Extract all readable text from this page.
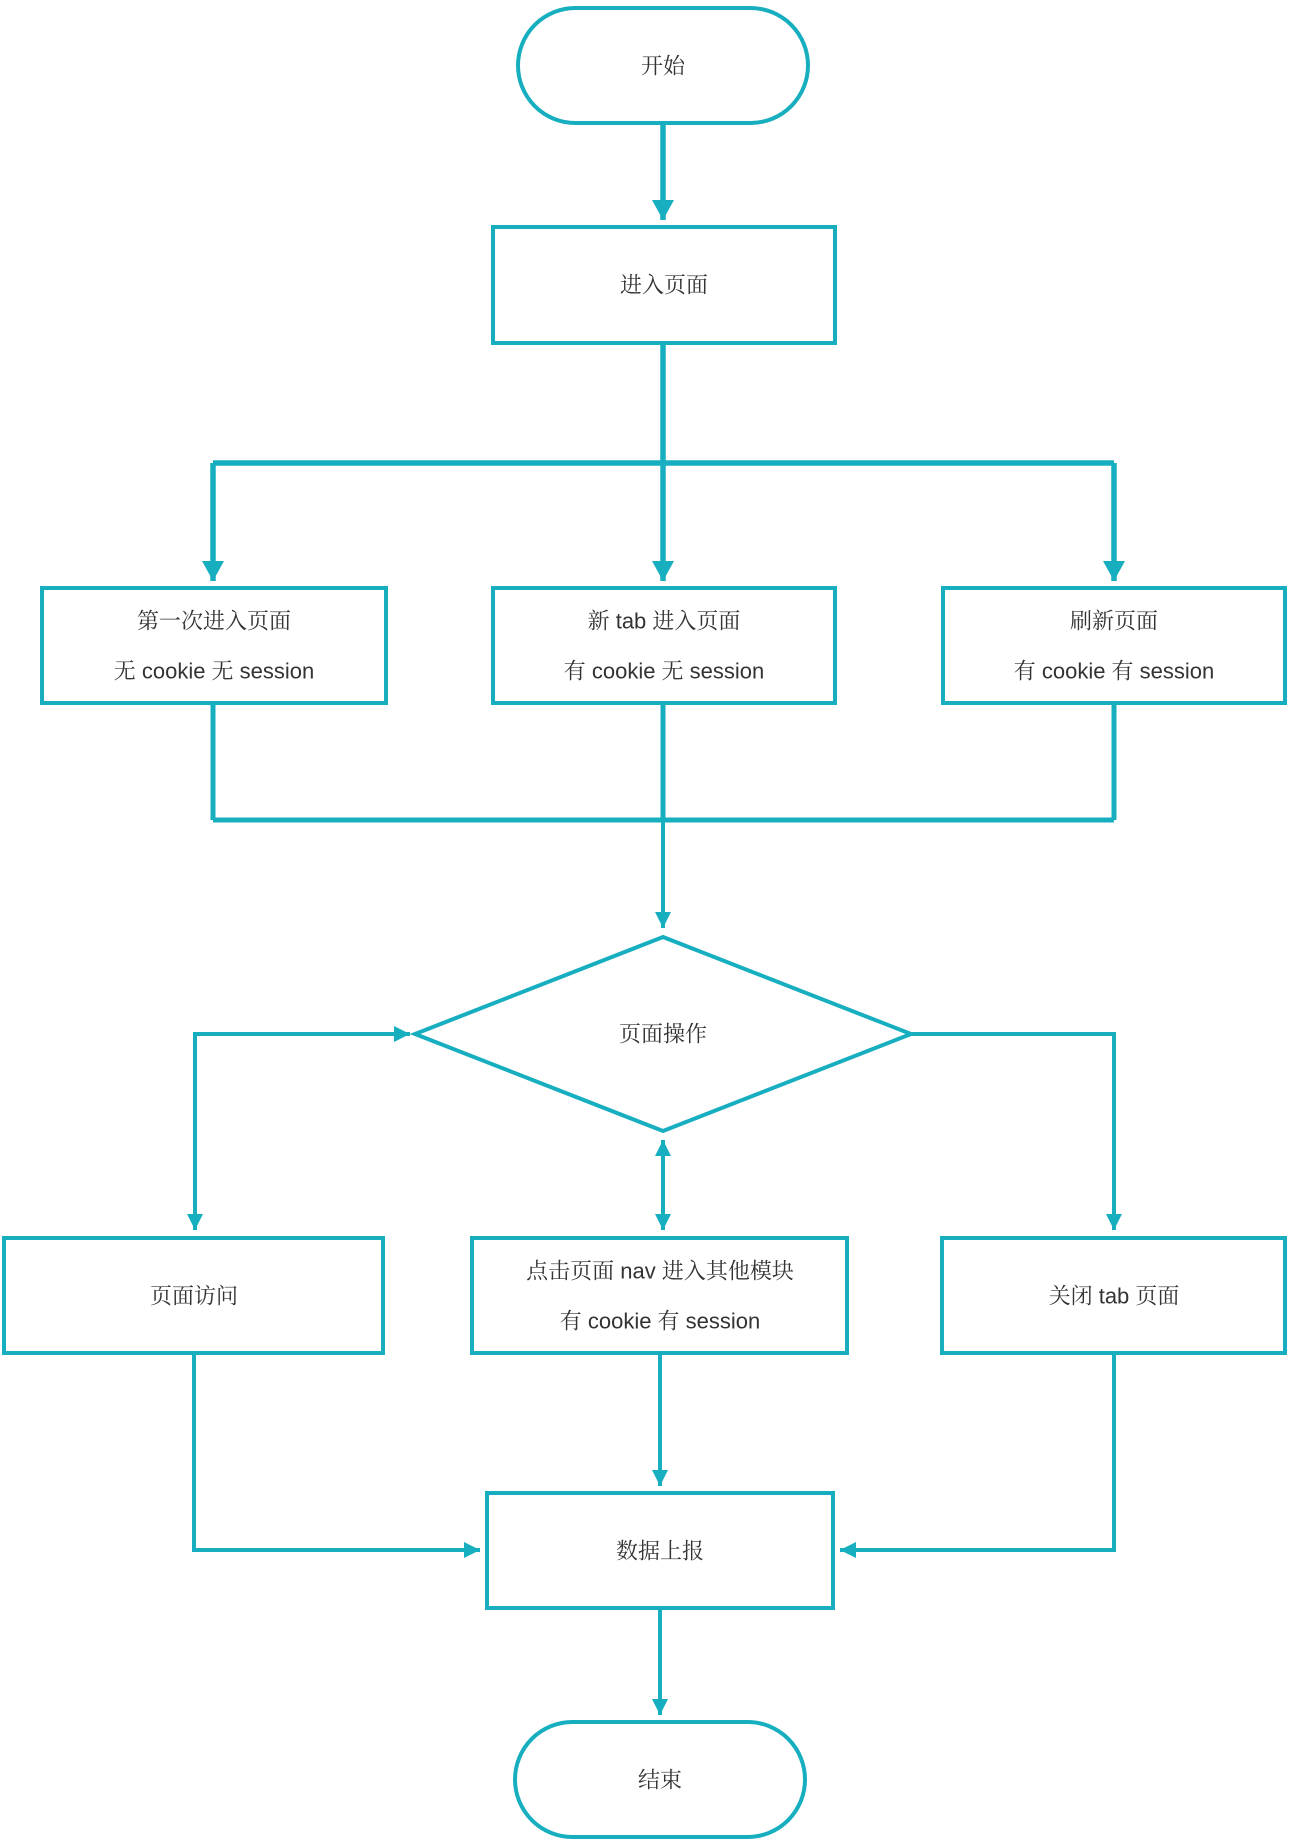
开始
进入页面
第一次进入页面
无 cookie 无 session
新 tab 进入页面
有 cookie 无 session
刷新页面
有 cookie 有 session
页面操作
页面访问
点击页面 nav 进入其他模块
有 cookie 有 session
关闭 tab 页面
数据上报
结束
